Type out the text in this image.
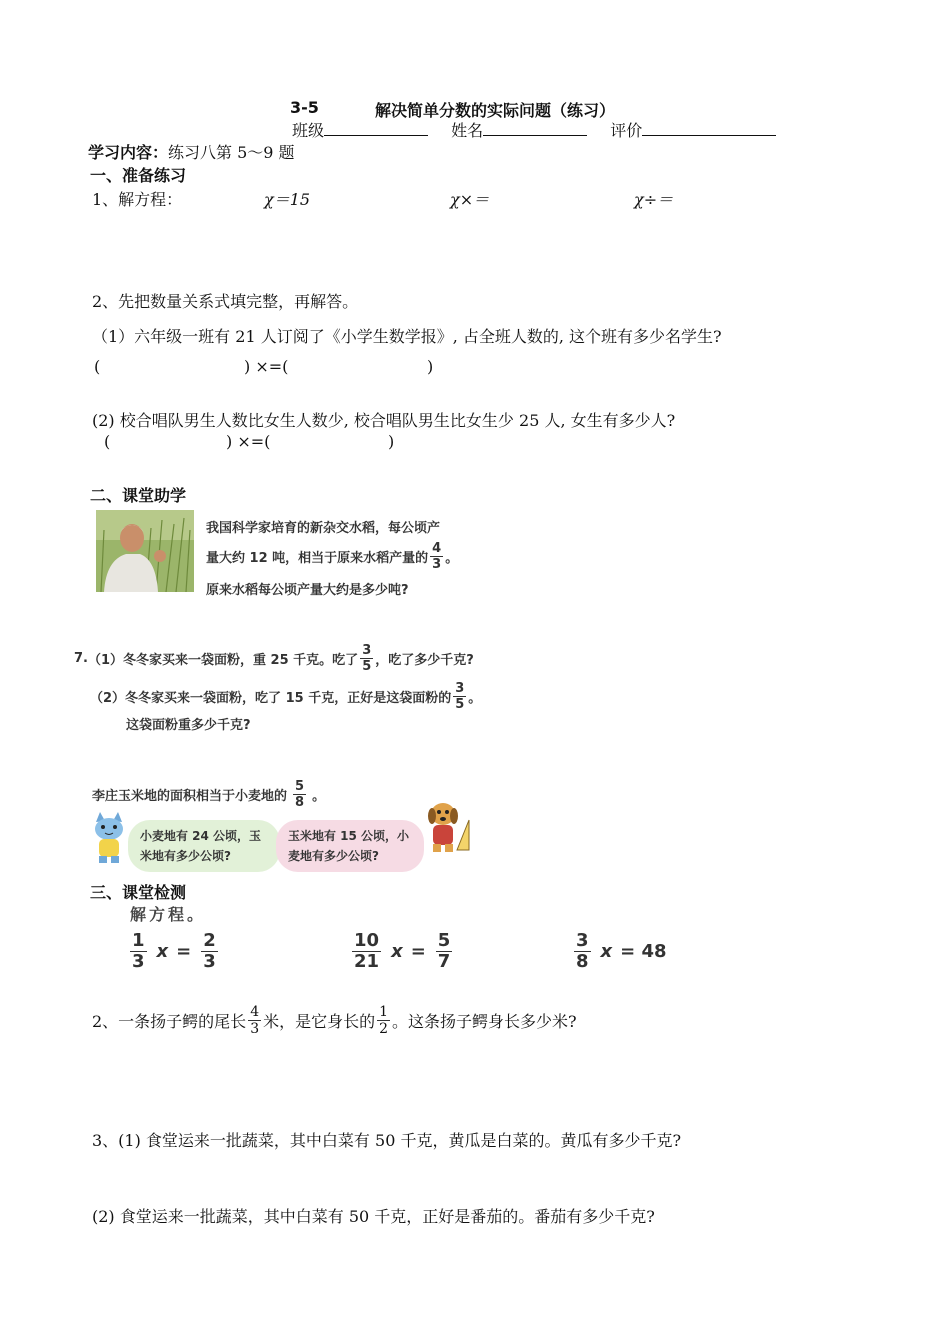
3-5	解决简单分数的实际问题（练习）
班级	姓名	评价
学习内容：练习八第 5～9 题
一、准备练习
1、解方程：	χ＝15	χ×＝	χ÷＝
2、先把数量关系式填完整，再解答。
（1）六年级一班有 21 人订阅了《小学生数学报》, 占全班人数的, 这个班有多少名学生?
(	) ×=(	)
(2) 校合唱队男生人数比女生人数少, 校合唱队男生比女生少 25 人, 女生有多少人?
(	) ×=(	)
二、课堂助学
我国科学家培育的新杂交水稻，每公顷产
量大约 12 吨，相当于原来水稻产量的 $\frac{4}{3}$ 。
原来水稻每公顷产量大约是多少吨?
7. （1）冬冬家买来一袋面粉，重 25 千克。吃了 $\frac{3}{5}$ ，吃了多少千克?
（2）冬冬家买来一袋面粉，吃了 15 千克，正好是这袋面粉的 $\frac{3}{5}$ 。
这袋面粉重多少千克?
李庄玉米地的面积相当于小麦地的 $\frac{5}{8}$ 。
小麦地有 24 公顷，玉米地有多少公顷?
玉米地有 15 公顷，小麦地有多少公顷?
三、课堂检测
解方程。
$\frac{1}{3}$ $x = \frac{2}{3}$	$\frac{10}{21}$ $x = \frac{5}{7}$	$\frac{3}{8}$ x = 48
2、一条扬子鳄的尾长 $\frac{4}{3}$ 米，是它身长的 $\frac{1}{2}$ 。这条扬子鳄身长多少米?
3、(1) 食堂运来一批蔬菜，其中白菜有 50 千克，黄瓜是白菜的。黄瓜有多少千克?
(2) 食堂运来一批蔬菜，其中白菜有 50 千克，正好是番茄的。番茄有多少千克?
